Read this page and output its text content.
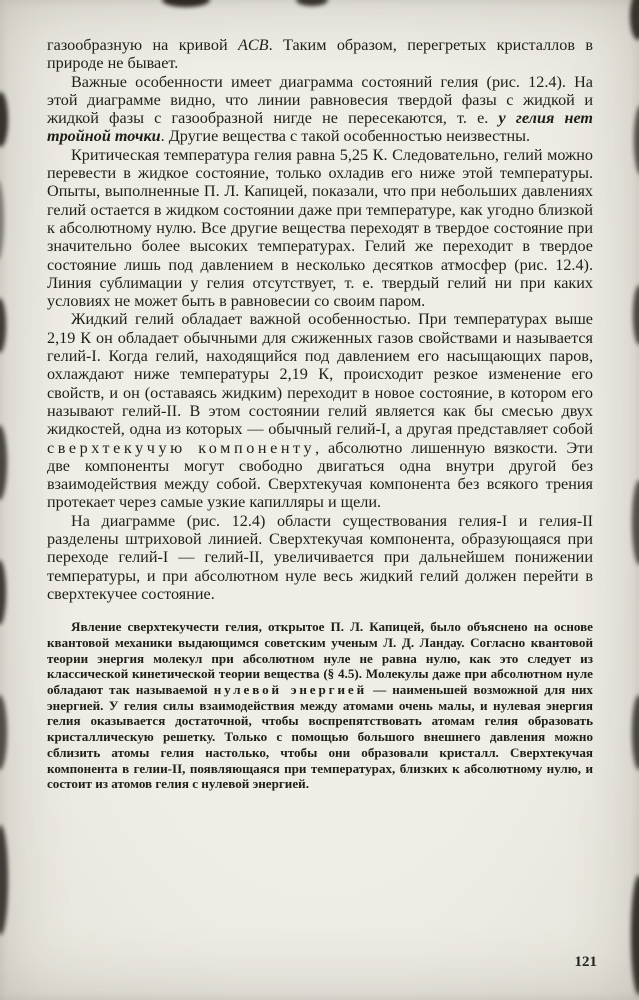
газообразную на кривой ACB. Таким образом, перегретых кристаллов в природе не бывает.

Важные особенности имеет диаграмма состояний гелия (рис. 12.4). На этой диаграмме видно, что линии равновесия твердой фазы с жидкой и жидкой фазы с газообразной нигде не пересекаются, т. е. у гелия нет тройной точки. Другие вещества с такой особенностью неизвестны.

Критическая температура гелия равна 5,25 К. Следовательно, гелий можно перевести в жидкое состояние, только охладив его ниже этой температуры. Опыты, выполненные П. Л. Капицей, показали, что при небольших давлениях гелий остается в жидком состоянии даже при температуре, как угодно близкой к абсолютному нулю. Все другие вещества переходят в твердое состояние при значительно более высоких температурах. Гелий же переходит в твердое состояние лишь под давлением в несколько десятков атмосфер (рис. 12.4). Линия сублимации у гелия отсутствует, т. е. твердый гелий ни при каких условиях не может быть в равновесии со своим паром.

Жидкий гелий обладает важной особенностью. При температурах выше 2,19 К он обладает обычными для сжиженных газов свойствами и называется гелий-I. Когда гелий, находящийся под давлением его насыщающих паров, охлаждают ниже температуры 2,19 К, происходит резкое изменение его свойств, и он (оставаясь жидким) переходит в новое состояние, в котором его называют гелий-II. В этом состоянии гелий является как бы смесью двух жидкостей, одна из которых — обычный гелий-I, а другая представляет собой сверхтекучую компоненту, абсолютно лишенную вязкости. Эти две компоненты могут свободно двигаться одна внутри другой без взаимодействия между собой. Сверхтекучая компонента без всякого трения протекает через самые узкие капилляры и щели.

На диаграмме (рис. 12.4) области существования гелия-I и гелия-II разделены штриховой линией. Сверхтекучая компонента, образующаяся при переходе гелий-I — гелий-II, увеличивается при дальнейшем понижении температуры, и при абсолютном нуле весь жидкий гелий должен перейти в сверхтекучее состояние.

Явление сверхтекучести гелия, открытое П. Л. Капицей, было объяснено на основе квантовой механики выдающимся советским ученым Л. Д. Ландау. Согласно квантовой теории энергия молекул при абсолютном нуле не равна нулю, как это следует из классической кинетической теории вещества (§ 4.5). Молекулы даже при абсолютном нуле обладают так называемой нулевой энергией — наименьшей возможной для них энергией. У гелия силы взаимодействия между атомами очень малы, и нулевая энергия гелия оказывается достаточной, чтобы воспрепятствовать атомам гелия образовать кристаллическую решетку. Только с помощью большого внешнего давления можно сблизить атомы гелия настолько, чтобы они образовали кристалл. Сверхтекучая компонента в гелии-II, появляющаяся при температурах, близких к абсолютному нулю, и состоит из атомов гелия с нулевой энергией.

121
